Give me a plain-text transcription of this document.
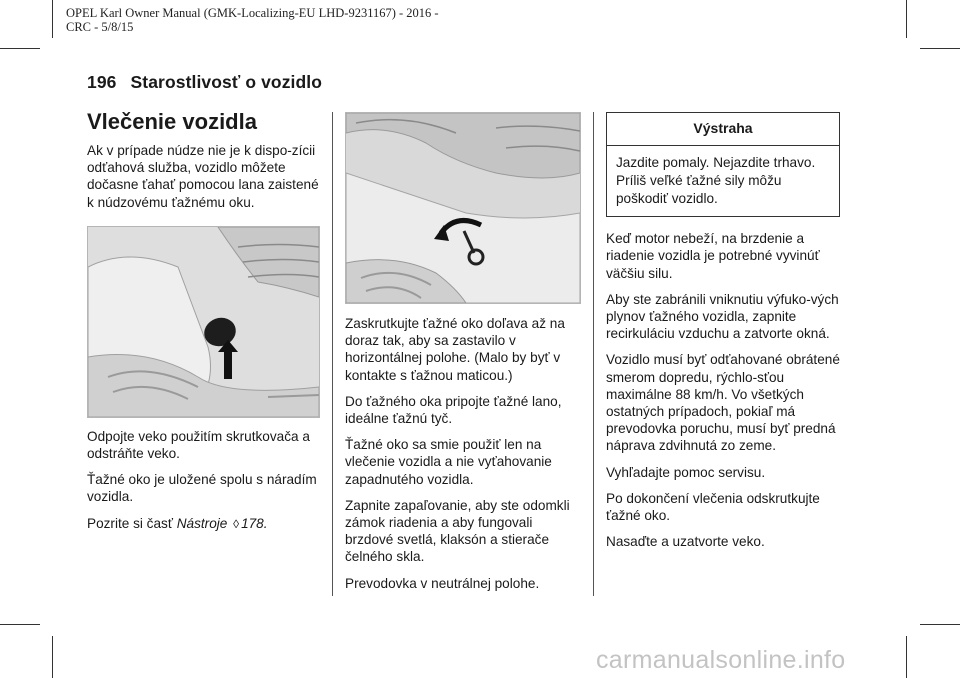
OPEL Karl Owner Manual (GMK-Localizing-EU LHD-9231167) - 2016 -
CRC - 5/8/15
196 Starostlivosť o vozidlo
Vlečenie vozidla

Ak v prípade núdze nie je k dispo-zícii odťahová služba, vozidlo môžete dočasne ťahať pomocou lana zaistené k núdzovému ťažnému oku.

Odpojte veko použitím skrutkovača a odstráňte veko.

Ťažné oko je uložené spolu s náradím vozidla.

Pozrite si časť Nástroje ◊ 178.

Zaskrutkujte ťažné oko doľava až na doraz tak, aby sa zastavilo v horizontálnej polohe. (Malo by byť v kontakte s ťažnou maticou.)

Do ťažného oka pripojte ťažné lano, ideálne ťažnú tyč.

Ťažné oko sa smie použiť len na vlečenie vozidla a nie vyťahovanie zapadnutého vozidla.

Zapnite zapaľovanie, aby ste odomkli zámok riadenia a aby fungovali brzdové svetlá, klaksón a stierače čelného skla.

Prevodovka v neutrálnej polohe.

Výstraha
Jazdite pomaly. Nejazdite trhavo. Príliš veľké ťažné sily môžu poškodiť vozidlo.

Keď motor nebeží, na brzdenie a riadenie vozidla je potrebné vyvinúť väčšiu silu.

Aby ste zabránili vniknutiu výfuko-vých plynov ťažného vozidla, zapnite recirkuláciu vzduchu a zatvorte okná.

Vozidlo musí byť odťahované obrátené smerom dopredu, rýchlo-sťou maximálne 88 km/h. Vo všetkých ostatných prípadoch, pokiaľ má prevodovka poruchu, musí byť predná náprava zdvihnutá zo zeme.

Vyhľadajte pomoc servisu.

Po dokončení vlečenia odskrutkujte ťažné oko.

Nasaďte a uzatvorte veko.

carmanualsonline.info
